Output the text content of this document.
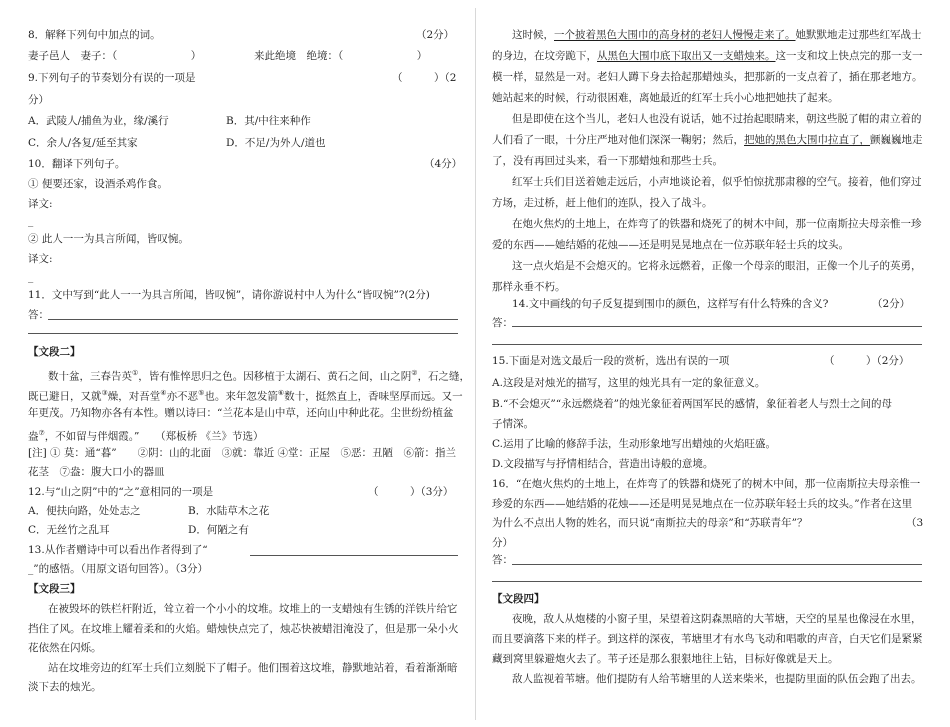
8．解释下列句中加点的词。	（2分）
妻子邑人　妻子：（　　　　　　　）	来此绝境　绝境：（　　　　　　　）
9.下列句子的节奏划分有误的一项是	（　　　）（2
分）
A．武陵人/捕鱼为业，缘/溪行	B．其/中往来种作
C．余人/各复/延至其家	D．不足/为外人/道也
10．翻译下列句子。	（4分）
① 便要还家，设酒杀鸡作食。
译文:
_
② 此人一一为具言所闻，皆叹惋。
译文:
_
11．文中写到“此人一一为具言所闻，皆叹惋”，请你游说村中人为什么“皆叹惋”?(2分)
答：
【文段二】
数十盆，三春告英①，皆有惟悴思归之色。因移植于太湖石、黄石之间，山之阴②，石之缝，
既已避日，又就③燥，对吾堂④亦不恶⑤也。来年忽发箭⑥数十，挺然直上，香味坚厚而远。又一
年更茂。乃知物亦各有本性。赠以诗曰：“兰花本是山中草，还向山中种此花。尘世纷纷植盆
盎⑦，不如留与伴烟霞。”　　 （郑板桥 《兰》节选）
[注] ① 莫：通“暮”　　②阴：山的北面　③就：靠近 ④堂：正屋　⑤恶：丑陋　⑥箭：指兰
花茎　⑦盎：腹大口小的器皿
12.与“山之阴”中的“之”意相同的一项是	（　　　）（3分）
A．便扶向路，处处志之	B．水陆草木之花
C．无丝竹之乱耳	D．何陋之有
13.从作者赠诗中可以看出作者得到了“
_”的感悟。（用原文语句回答）。（3分）
【文段三】
在被毁坏的铁栏杆附近，耸立着一个小小的坟堆。坟堆上的一支蜡烛有生锈的洋铁片给它
挡住了风。在坟堆上耀着柔和的火焰。蜡烛快点完了，烛芯快被蜡泪淹没了，但是那一朵小火
花依然在闪烁。
站在坟堆旁边的红军士兵们立刻脱下了帽子。他们围着这坟堆，静默地站着，看着渐渐暗
淡下去的烛光。
这时候，一个披着黑色大围巾的高身材的老妇人慢慢走来了。她默默地走过那些红军战士
的身边，在坟旁跪下，从黑色大围巾底下取出又一支蜡烛来。这一支和坟上快点完的那一支一
模一样，显然是一对。老妇人蹲下身去拾起那蜡烛头，把那新的一支点着了，插在那老地方。
她站起来的时候，行动很困难，离她最近的红军士兵小心地把她扶了起来。
但是即使在这个当儿，老妇人也没有说话，她不过抬起眼睛来，朝这些脱了帽的肃立着的
人们看了一眼，十分庄严地对他们深深一鞠躬；然后，把她的黑色大围巾拉直了，颤巍巍地走
了，没有再回过头来，看一下那蜡烛和那些士兵。
红军士兵们目送着她走远后，小声地谈论着，似乎怕惊扰那肃穆的空气。接着，他们穿过
方场，走过桥，赶上他们的连队，投入了战斗。
在炮火焦灼的土地上，在炸弯了的铁器和烧死了的树木中间，那一位南斯拉夫母亲惟一珍
爱的东西——她结婚的花烛——还是明晃晃地点在一位苏联年轻士兵的坟头。
这一点火焰是不会熄灭的。它将永远燃着，正像一个母亲的眼泪，正像一个儿子的英勇，
那样永垂不朽。
14.文中画线的句子反复提到围巾的颜色，这样写有什么特殊的含义?	（2分）
答：
15.下面是对选文最后一段的赏析，选出有误的一项	（　　　）（2分）
A.这段是对烛光的描写，这里的烛光具有一定的象征意义。
B.“不会熄灭”“永远燃烧着”的烛光象征着两国军民的感情，象征着老人与烈士之间的母
子情深。
C.运用了比喻的修辞手法，生动形象地写出蜡烛的火焰旺盛。
D.文段描写与抒情相结合，营造出诗般的意境。
16．“在炮火焦灼的土地上，在炸弯了的铁器和烧死了的树木中间，那一位南斯拉夫母亲惟一
珍爱的东西——她结婚的花烛——还是明晃晃地点在一位苏联年轻士兵的坟头。”作者在这里
为什么不点出人物的姓名，而只说“南斯拉夫的母亲”和“苏联青年”？	（3
分）
答：
【文段四】
夜晚，敌人从炮楼的小窗子里，呆望着这阴森黑暗的大苇塘，天空的星星也像浸在水里，
而且要滴落下来的样子。到这样的深夜，苇塘里才有水鸟飞动和唱歌的声音，白天它们是紧紧
藏到窝里躲避炮火去了。苇子还是那么狠狠地往上钻，目标好像就是天上。
敌人监视着苇塘。他们提防有人给苇塘里的人送来柴米，也提防里面的队伍会跑了出去。
